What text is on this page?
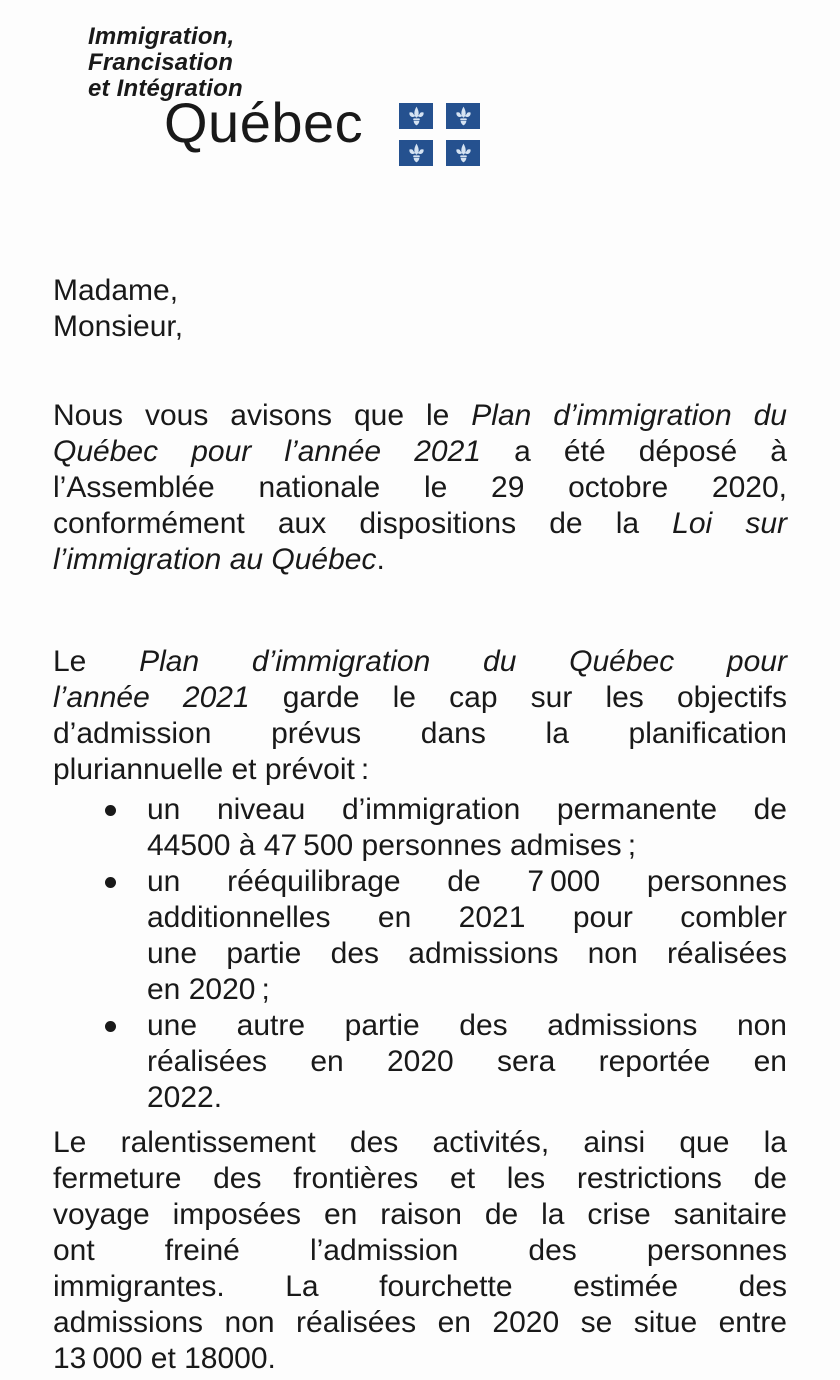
Immigration,
Francisation
et Intégration
Québec
Madame,
Monsieur,
Nous vous avisons que le Plan d’immigration du
Québec pour l’année 2021 a été déposé à
l’Assemblée nationale le 29 octobre 2020,
conformément aux dispositions de la Loi sur
l’immigration au Québec.
Le Plan d’immigration du Québec pour
l’année 2021 garde le cap sur les objectifs
d’admission prévus dans la planification
pluriannuelle et prévoit :
un niveau d’immigration permanente de
44500 à 47 500 personnes admises ;
un rééquilibrage de 7 000 personnes
additionnelles en 2021 pour combler
une partie des admissions non réalisées
en 2020 ;
une autre partie des admissions non
réalisées en 2020 sera reportée en
2022.
Le ralentissement des activités, ainsi que la
fermeture des frontières et les restrictions de
voyage imposées en raison de la crise sanitaire
ont freiné l’admission des personnes
immigrantes. La fourchette estimée des
admissions non réalisées en 2020 se situe entre
13 000 et 18000.
